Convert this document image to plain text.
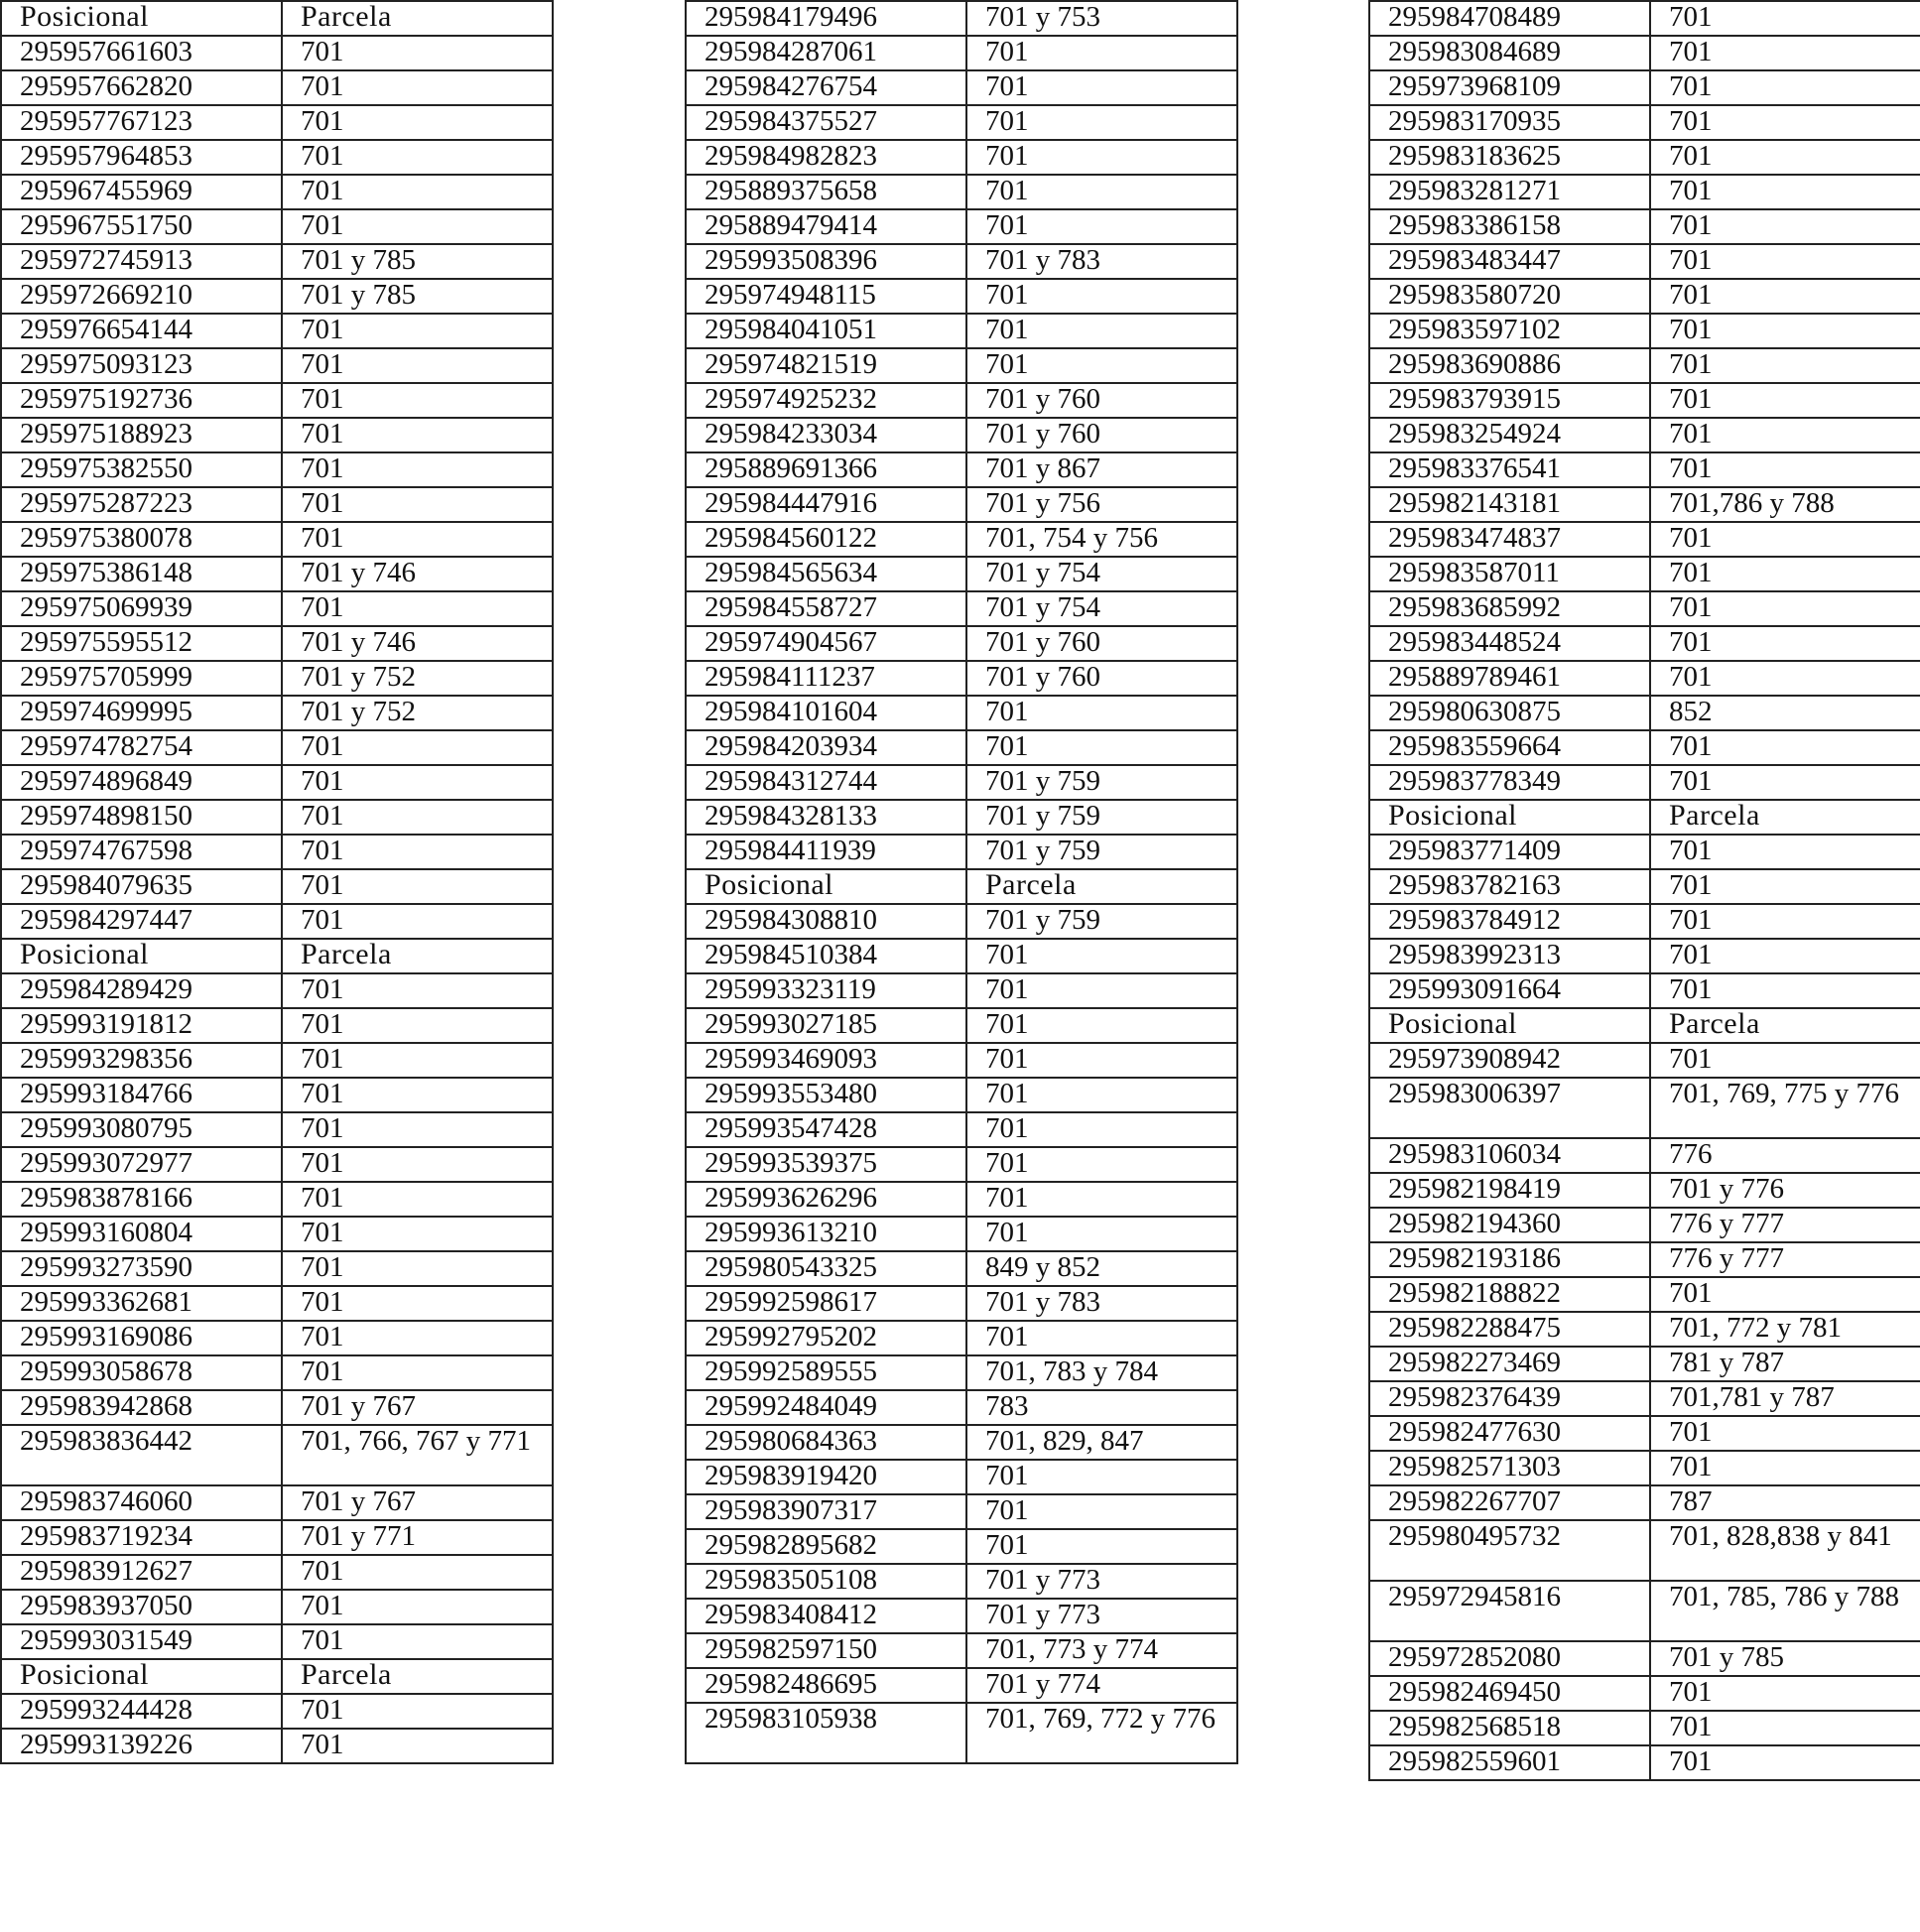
Posicional	Parcela
295957661603	701
295957662820	701
295957767123	701
295957964853	701
295967455969	701
295967551750	701
295972745913	701 y 785
295972669210	701 y 785
295976654144	701
295975093123	701
295975192736	701
295975188923	701
295975382550	701
295975287223	701
295975380078	701
295975386148	701 y 746
295975069939	701
295975595512	701 y 746
295975705999	701 y 752
295974699995	701 y 752
295974782754	701
295974896849	701
295974898150	701
295974767598	701
295984079635	701
295984297447	701
Posicional	Parcela
295984289429	701
295993191812	701
295993298356	701
295993184766	701
295993080795	701
295993072977	701
295983878166	701
295993160804	701
295993273590	701
295993362681	701
295993169086	701
295993058678	701
295983942868	701 y 767
295983836442	701, 766, 767 y 771
295983746060	701 y 767
295983719234	701 y 771
295983912627	701
295983937050	701
295993031549	701
Posicional	Parcela
295993244428	701
295993139226	701
295984179496	701 y 753
295984287061	701
295984276754	701
295984375527	701
295984982823	701
295889375658	701
295889479414	701
295993508396	701 y 783
295974948115	701
295984041051	701
295974821519	701
295974925232	701 y 760
295984233034	701 y 760
295889691366	701 y 867
295984447916	701 y 756
295984560122	701, 754 y 756
295984565634	701 y 754
295984558727	701 y 754
295974904567	701 y 760
295984111237	701 y 760
295984101604	701
295984203934	701
295984312744	701 y 759
295984328133	701 y 759
295984411939	701 y 759
Posicional	Parcela
295984308810	701 y 759
295984510384	701
295993323119	701
295993027185	701
295993469093	701
295993553480	701
295993547428	701
295993539375	701
295993626296	701
295993613210	701
295980543325	849 y 852
295992598617	701 y 783
295992795202	701
295992589555	701, 783 y 784
295992484049	783
295980684363	701, 829, 847
295983919420	701
295983907317	701
295982895682	701
295983505108	701 y 773
295983408412	701 y 773
295982597150	701, 773 y 774
295982486695	701 y 774
295983105938	701, 769, 772 y 776
295984708489	701
295983084689	701
295973968109	701
295983170935	701
295983183625	701
295983281271	701
295983386158	701
295983483447	701
295983580720	701
295983597102	701
295983690886	701
295983793915	701
295983254924	701
295983376541	701
295982143181	701,786 y 788
295983474837	701
295983587011	701
295983685992	701
295983448524	701
295889789461	701
295980630875	852
295983559664	701
295983778349	701
Posicional	Parcela
295983771409	701
295983782163	701
295983784912	701
295983992313	701
295993091664	701
Posicional	Parcela
295973908942	701
295983006397	701, 769, 775 y 776
295983106034	776
295982198419	701 y 776
295982194360	776 y 777
295982193186	776 y 777
295982188822	701
295982288475	701, 772 y 781
295982273469	781 y 787
295982376439	701,781 y 787
295982477630	701
295982571303	701
295982267707	787
295980495732	701, 828,838 y 841
295972945816	701, 785, 786 y 788
295972852080	701 y 785
295982469450	701
295982568518	701
295982559601	701
